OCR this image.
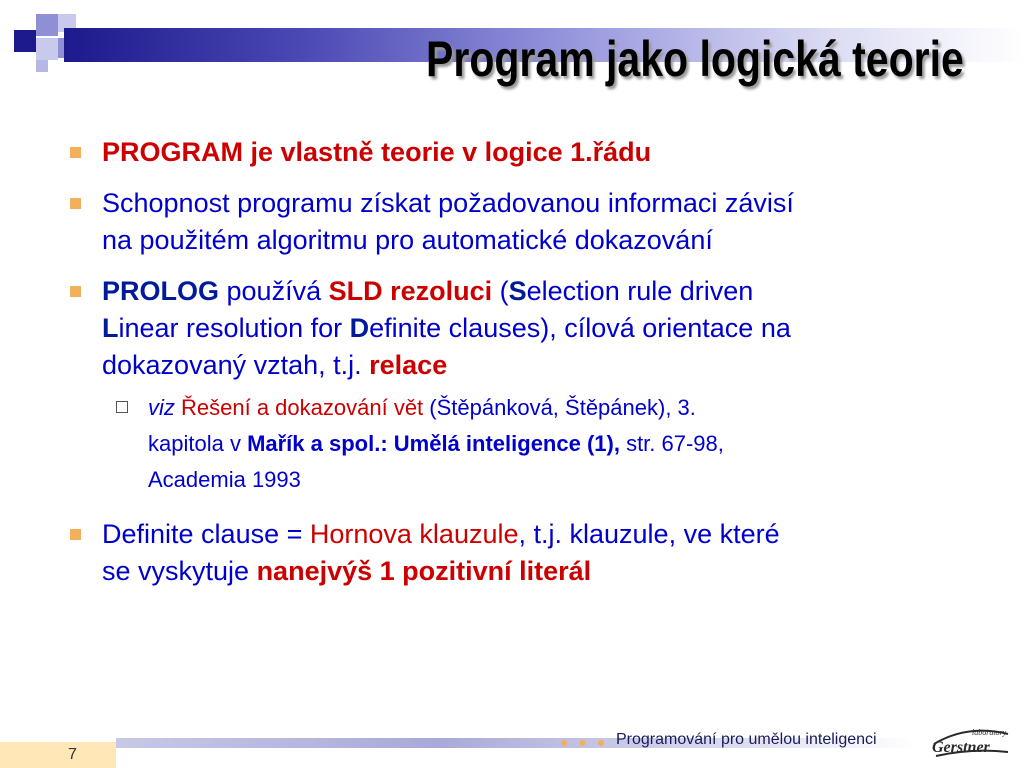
Program jako logická teorie
PROGRAM je vlastně teorie v logice 1.řádu
Schopnost programu získat požadovanou informaci závisí
na použitém algoritmu pro automatické dokazování
PROLOG používá SLD rezoluci (Selection rule driven
Linear resolution for Definite clauses), cílová orientace na
dokazovaný vztah, t.j. relace
viz Řešení a dokazování vět (Štěpánková, Štěpánek), 3.
kapitola v Mařík a spol.: Umělá inteligence (1), str. 67-98,
Academia 1993
Definite clause = Hornova klauzule, t.j. klauzule, ve které
se vyskytuje nanejvýš 1 pozitivní literál
7
● ● ● Programování pro umělou inteligenci	laboratory
Gerstner
